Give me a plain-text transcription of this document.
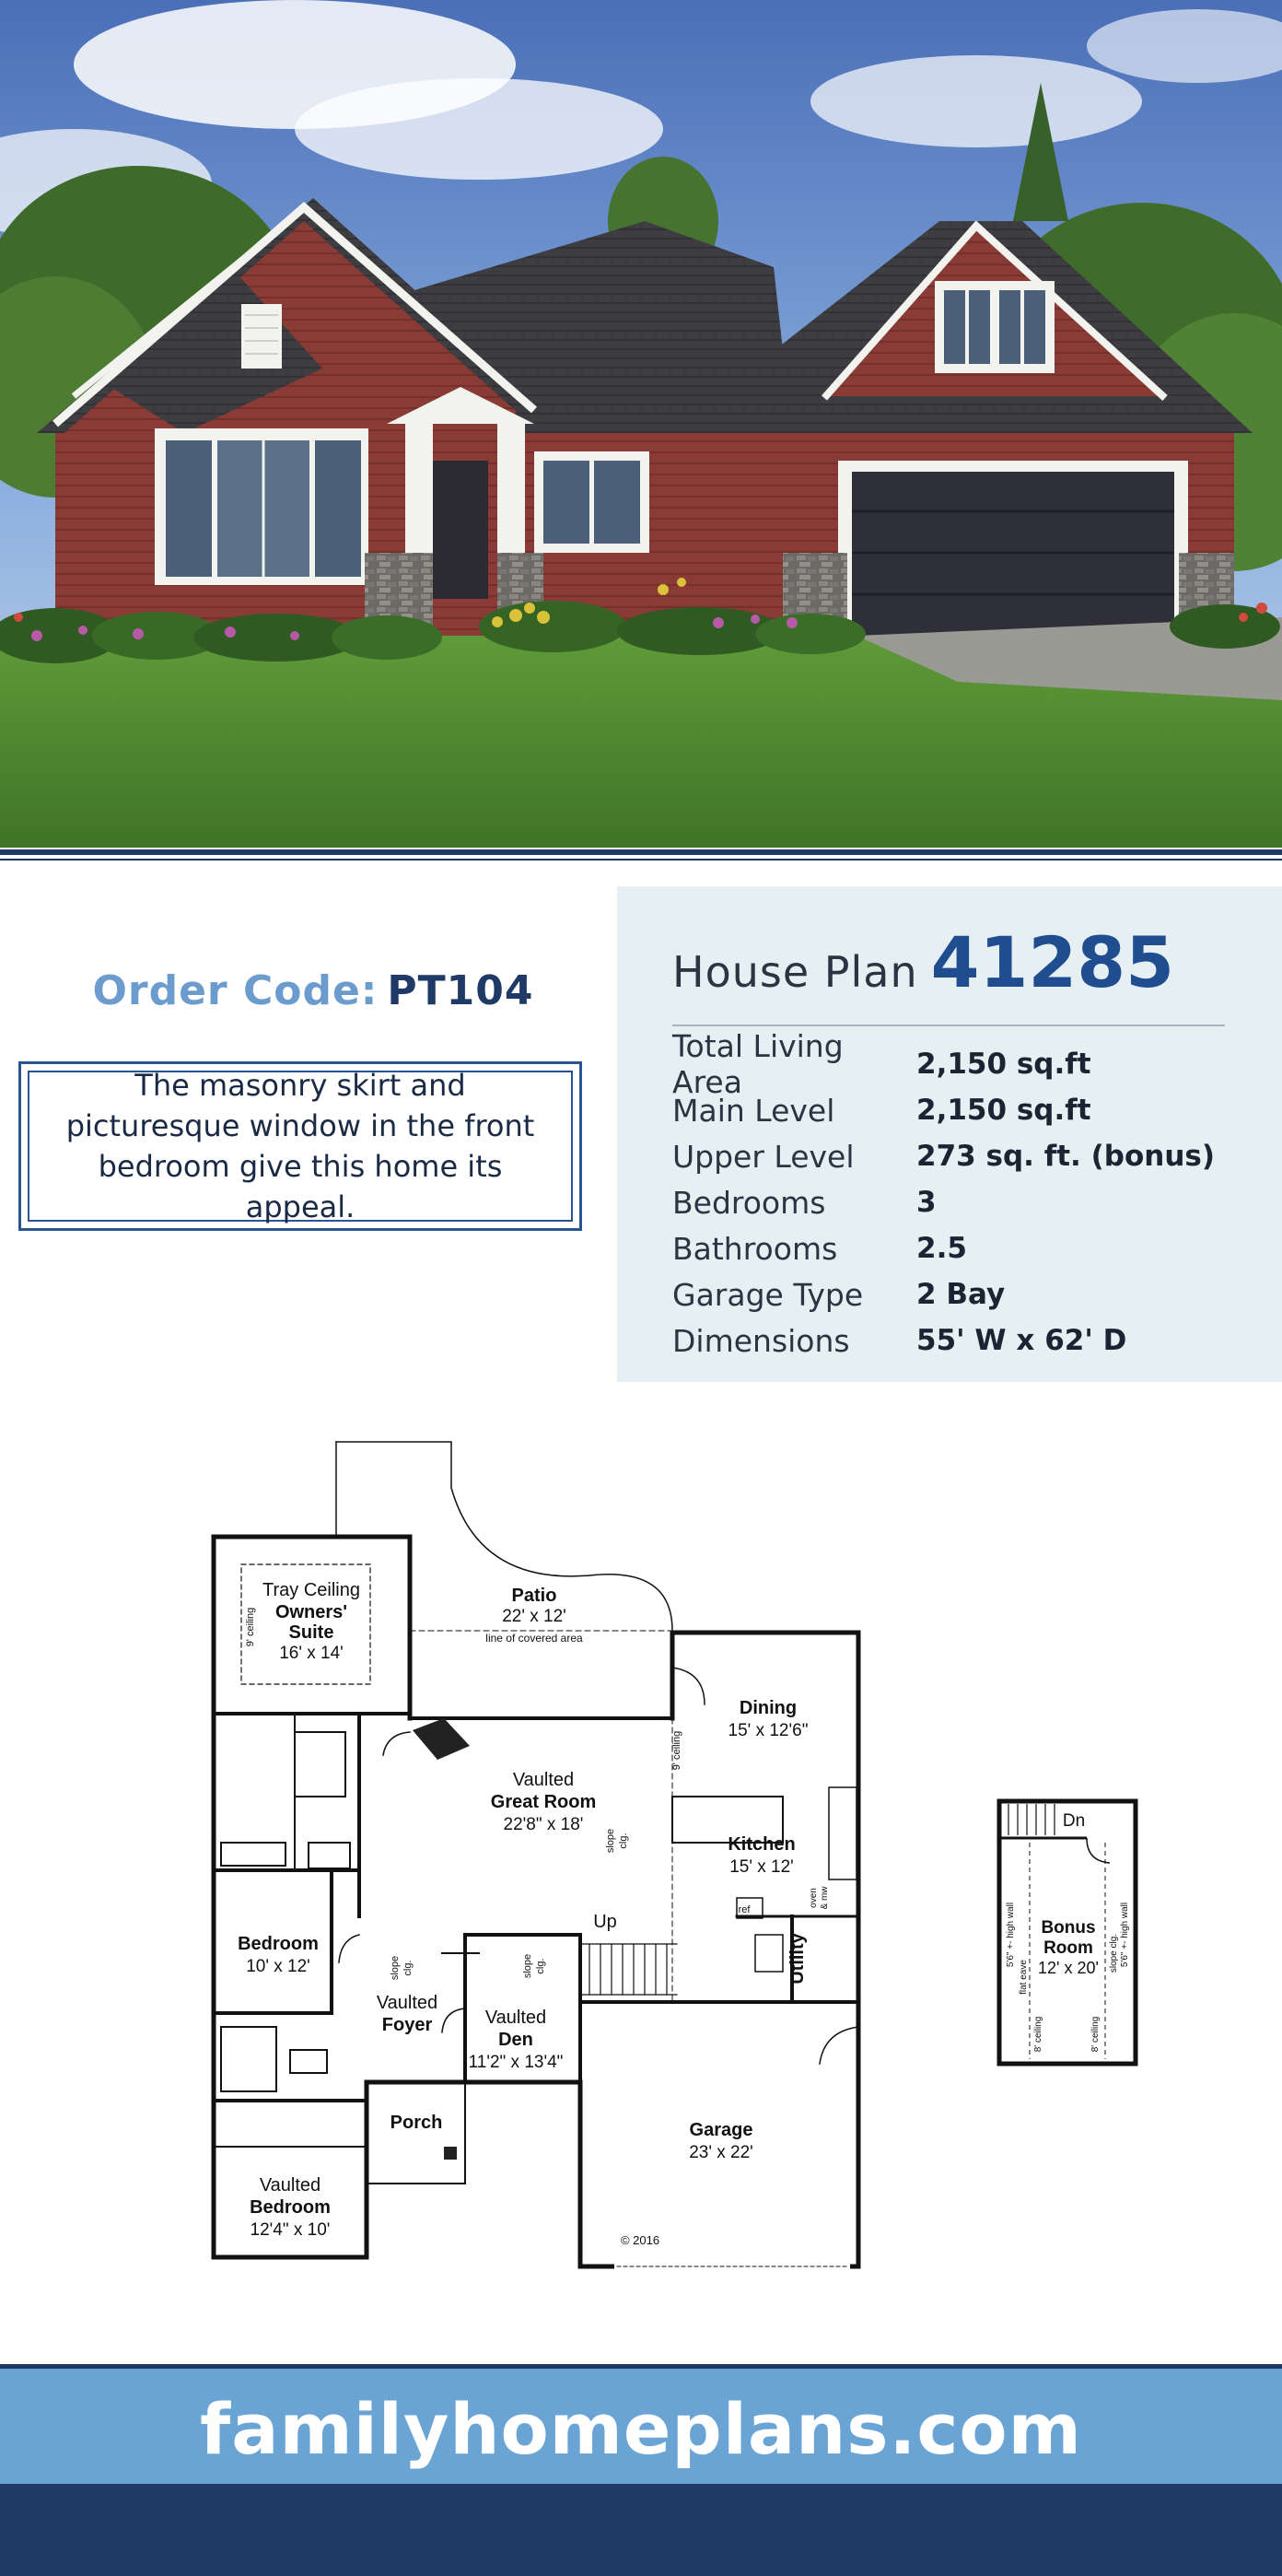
Order Code: PT104
The masonry skirt and picturesque window in the front bedroom give this home its appeal.
House Plan 41285
Total Living Area	2,150 sq.ft
Main Level	2,150 sq.ft
Upper Level	273 sq. ft. (bonus)
Bedrooms	3
Bathrooms	2.5
Garage Type	2 Bay
Dimensions	55' W x 62' D
Patio
22' x 12'
line of covered area
Tray Ceiling
Owners'
Suite
16' x 14'
9' ceiling
Dining
15' x 12'6"
9' ceiling
Vaulted
Great Room
22'8" x 18'
slope clg.	Kitchen
15' x 12'
ref
oven & mw
Utility
Up
Bedroom
10' x 12'
Vaulted
Foyer
slope clg.
Vaulted
Den
11'2" x 13'4"
slope clg.
Porch	Garage
23' x 22'
© 2016
Vaulted
Bedroom
12'4" x 10'
Dn
Bonus
Room
12' x 20'
5'6" +- high wall	5'6" +- high wall
flat eave
slope clg.
8' ceiling	8' ceiling
familyhomeplans.com
